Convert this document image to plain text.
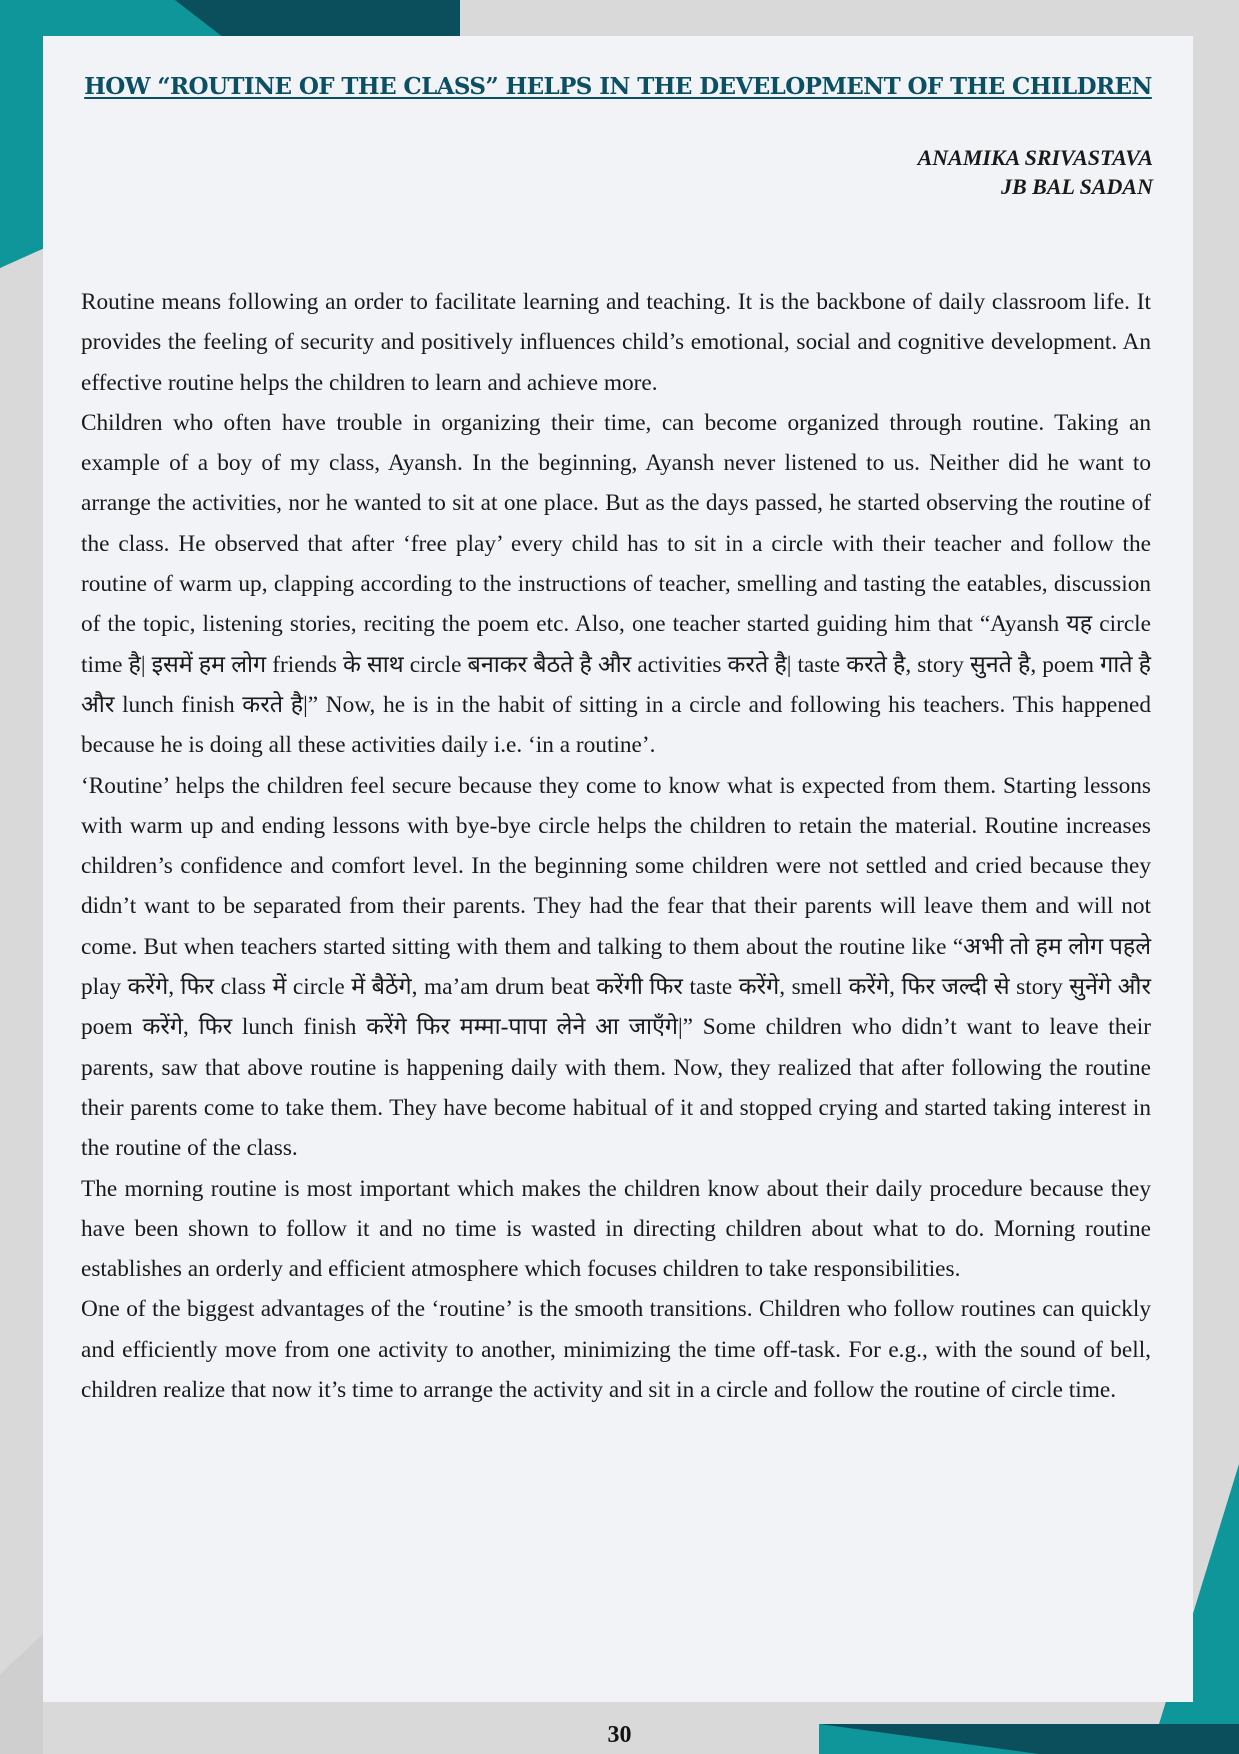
HOW “ROUTINE OF THE CLASS” HELPS IN THE DEVELOPMENT OF THE CHILDREN
ANAMIKA SRIVASTAVA
JB BAL SADAN

Routine means following an order to facilitate learning and teaching. It is the backbone of daily classroom life. It provides the feeling of security and positively influences child’s emotional, social and cognitive development. An effective routine helps the children to learn and achieve more.

Children who often have trouble in organizing their time, can become organized through routine. Taking an example of a boy of my class, Ayansh. In the beginning, Ayansh never listened to us. Neither did he want to arrange the activities, nor he wanted to sit at one place. But as the days passed, he started observing the routine of the class. He observed that after ‘free play’ every child has to sit in a circle with their teacher and follow the routine of warm up, clapping according to the instructions of teacher, smelling and tasting the eatables, discussion of the topic, listening stories, reciting the poem etc. Also, one teacher started guiding him that “Ayansh यह circle time है| इसमें हम लोग friends के साथ circle बनाकर बैठते है और activities करते है| taste करते है, story सुनते है, poem गाते है और lunch finish करते है|” Now, he is in the habit of sitting in a circle and following his teachers. This happened because he is doing all these activities daily i.e. ‘in a routine’.

‘Routine’ helps the children feel secure because they come to know what is expected from them. Starting lessons with warm up and ending lessons with bye-bye circle helps the children to retain the material. Routine increases children’s confidence and comfort level. In the beginning some children were not settled and cried because they didn’t want to be separated from their parents. They had the fear that their parents will leave them and will not come. But when teachers started sitting with them and talking to them about the routine like “अभी तो हम लोग पहले play करेंगे, फिर class में circle में बैठेंगे, ma’am drum beat करेंगी फिर taste करेंगे, smell करेंगे, फिर जल्दी से story सुनेंगे और poem करेंगे, फिर lunch finish करेंगे फिर मम्मा-पापा लेने आ जाएँगे|” Some children who didn’t want to leave their parents, saw that above routine is happening daily with them. Now, they realized that after following the routine their parents come to take them. They have become habitual of it and stopped crying and started taking interest in the routine of the class.

The morning routine is most important which makes the children know about their daily procedure because they have been shown to follow it and no time is wasted in directing children about what to do. Morning routine establishes an orderly and efficient atmosphere which focuses children to take responsibilities.

One of the biggest advantages of the ‘routine’ is the smooth transitions. Children who follow routines can quickly and efficiently move from one activity to another, minimizing the time off-task. For e.g., with the sound of bell, children realize that now it’s time to arrange the activity and sit in a circle and follow the routine of circle time.

30
